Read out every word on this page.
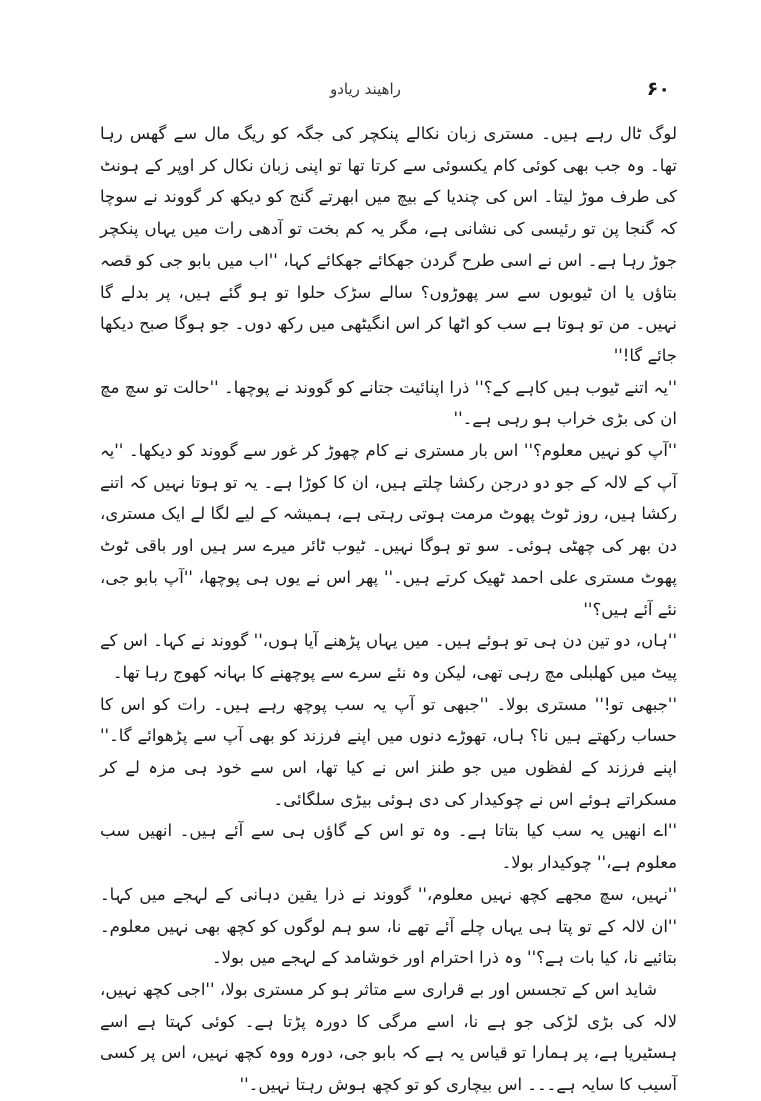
۶۰
راھیند ریادو

لوگ ٹال رہے ہیں۔ مستری زبان نکالے پنکچر کی جگہ کو ریگ مال سے گھس رہا تھا۔ وہ جب بھی کوئی کام یکسوئی سے کرتا تھا تو اپنی زبان نکال کر اوپر کے ہونٹ کی طرف موڑ لیتا۔ اس کی چندیا کے بیچ میں ابھرتے گنج کو دیکھ کر گووند نے سوچا کہ گنجا پن تو رئیسی کی نشانی ہے، مگر یہ کم بخت تو آدھی رات میں یہاں پنکچر جوڑ رہا ہے۔ اس نے اسی طرح گردن جھکائے جھکائے کہا، ''اب میں بابو جی کو قصہ بتاؤں یا ان ٹیوبوں سے سر پھوڑوں؟ سالے سڑک حلوا تو ہو گئے ہیں، پر بدلے گا نہیں۔ من تو ہوتا ہے سب کو اٹھا کر اس انگیٹھی میں رکھ دوں۔ جو ہوگا صبح دیکھا جائے گا!''

''یہ اتنے ٹیوب ہیں کاہے کے؟'' ذرا اپنائیت جتانے کو گووند نے پوچھا۔ ''حالت تو سچ مچ ان کی بڑی خراب ہو رہی ہے۔''

''آپ کو نہیں معلوم؟'' اس بار مستری نے کام چھوڑ کر غور سے گووند کو دیکھا۔ ''یہ آپ کے لالہ کے جو دو درجن رکشا چلتے ہیں، ان کا کوڑا ہے۔ یہ تو ہوتا نہیں کہ اتنے رکشا ہیں، روز ٹوٹ پھوٹ مرمت ہوتی رہتی ہے، ہمیشہ کے لیے لگا لے ایک مستری، دن بھر کی چھٹی ہوئی۔ سو تو ہوگا نہیں۔ ٹیوب ٹائر میرے سر ہیں اور باقی ٹوٹ پھوٹ مستری علی احمد ٹھیک کرتے ہیں۔'' پھر اس نے یوں ہی پوچھا، ''آپ بابو جی، نئے آئے ہیں؟''

''ہاں، دو تین دن ہی تو ہوئے ہیں۔ میں یہاں پڑھنے آیا ہوں،'' گووند نے کہا۔ اس کے پیٹ میں کھلبلی مچ رہی تھی، لیکن وہ نئے سرے سے پوچھنے کا بہانہ کھوج رہا تھا۔

''جبھی تو!'' مستری بولا۔ ''جبھی تو آپ یہ سب پوچھ رہے ہیں۔ رات کو اس کا حساب رکھتے ہیں نا؟ ہاں، تھوڑے دنوں میں اپنے فرزند کو بھی آپ سے پڑھوائے گا۔'' اپنے فرزند کے لفظوں میں جو طنز اس نے کیا تھا، اس سے خود ہی مزہ لے کر مسکراتے ہوئے اس نے چوکیدار کی دی ہوئی بیڑی سلگائی۔

''اے انھیں یہ سب کیا بتاتا ہے۔ وہ تو اس کے گاؤں ہی سے آئے ہیں۔ انھیں سب معلوم ہے،'' چوکیدار بولا۔

''نہیں، سچ مجھے کچھ نہیں معلوم،'' گووند نے ذرا یقین دہانی کے لہجے میں کہا۔ ''ان لالہ کے تو پتا ہی یہاں چلے آئے تھے نا، سو ہم لوگوں کو کچھ بھی نہیں معلوم۔ بتائیے نا، کیا بات ہے؟'' وہ ذرا احترام اور خوشامد کے لہجے میں بولا۔

شاید اس کے تجسس اور بے قراری سے متاثر ہو کر مستری بولا، ''اجی کچھ نہیں، لالہ کی بڑی لڑکی جو ہے نا، اسے مرگی کا دورہ پڑتا ہے۔ کوئی کہتا ہے اسے ہسٹیریا ہے، پر ہمارا تو قیاس یہ ہے کہ بابو جی، دورہ ووہ کچھ نہیں، اس پر کسی آسیب کا سایہ ہے۔۔۔ اس بیچاری کو تو کچھ ہوش رہتا نہیں۔''
